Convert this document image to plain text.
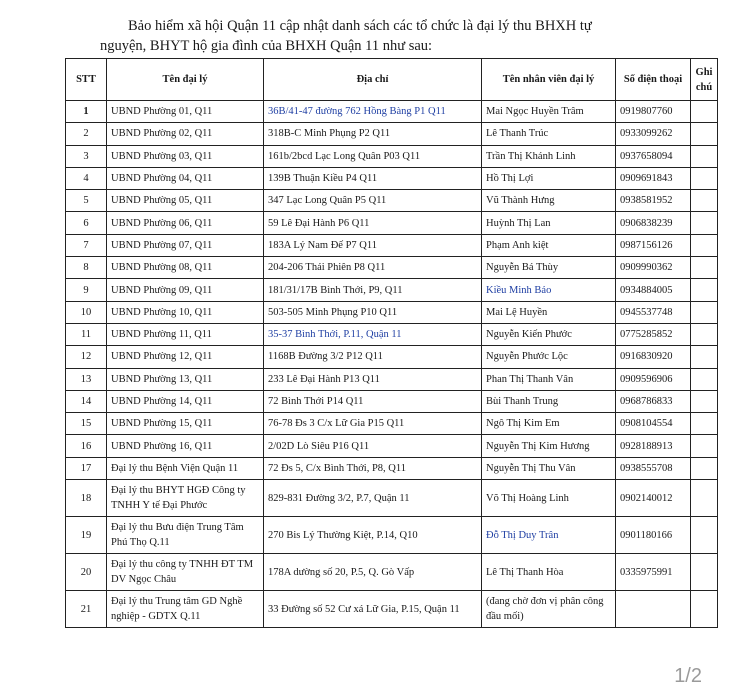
Bảo hiểm xã hội Quận 11 cập nhật danh sách các tổ chức là đại lý thu BHXH tự
nguyện, BHYT hộ gia đình của BHXH Quận 11 như sau:
STT	Tên đại lý	Địa chỉ	Tên nhân viên đại lý	Số điện thoại	Ghi chú
1	UBND Phường 01, Q11	36B/41-47 đường 762 Hồng Bàng P1 Q11	Mai Ngọc Huyền Trâm	0919807760	
2	UBND Phường 02, Q11	318B-C Minh Phụng P2 Q11	Lê Thanh Trúc	0933099262	
3	UBND Phường 03, Q11	161b/2bcd Lạc Long Quân P03 Q11	Trần Thị Khánh Linh	0937658094	
4	UBND Phường 04, Q11	139B Thuận Kiều P4 Q11	Hồ Thị Lợi	0909691843	
5	UBND Phường 05, Q11	347 Lạc Long Quân P5 Q11	Vũ Thành Hưng	0938581952	
6	UBND Phường 06, Q11	59 Lê Đại Hành P6 Q11	Huỳnh Thị Lan	0906838239	
7	UBND Phường 07, Q11	183A Lý Nam Đế P7 Q11	Phạm Anh kiệt	0987156126	
8	UBND Phường 08, Q11	204-206 Thái Phiên P8 Q11	Nguyễn Bá Thùy	0909990362	
9	UBND Phường 09, Q11	181/31/17B Bình Thới, P9, Q11	Kiều Minh Bảo	0934884005	
10	UBND Phường 10, Q11	503-505 Minh Phụng P10 Q11	Mai Lệ Huyền	0945537748	
11	UBND Phường 11, Q11	35-37 Bình Thới, P.11, Quận 11	Nguyễn Kiến Phước	0775285852	
12	UBND Phường 12, Q11	1168B Đường 3/2 P12 Q11	Nguyễn Phước Lộc	0916830920	
13	UBND Phường 13, Q11	233 Lê Đại Hành P13 Q11	Phan Thị Thanh Vân	0909596906	
14	UBND Phường 14, Q11	72 Bình Thới P14 Q11	Bùi Thanh Trung	0968786833	
15	UBND Phường 15, Q11	76-78 Đs 3 C/x Lữ Gia P15 Q11	Ngô Thị Kim Em	0908104554	
16	UBND Phường 16, Q11	2/02D Lò Siêu P16 Q11	Nguyễn Thị Kim Hương	0928188913	
17	Đại lý thu Bệnh Viện Quận 11	72 Đs 5, C/x Bình Thới, P8, Q11	Nguyễn Thị Thu Vân	0938555708	
18	Đại lý thu BHYT HGĐ Công ty TNHH Y tế Đại Phước	829-831 Đường 3/2, P.7, Quận 11	Võ Thị Hoàng Linh	0902140012	
19	Đại lý thu Bưu điện Trung Tâm Phú Thọ Q.11	270 Bis Lý Thường Kiệt, P.14, Q10	Đỗ Thị Duy Trân	0901180166	
20	Đại lý thu công ty TNHH ĐT TM DV Ngọc Châu	178A dường số 20, P.5, Q. Gò Vấp	Lê Thị Thanh Hòa	0335975991	
21	Đại lý thu Trung tâm GD Nghề nghiệp - GDTX Q.11	33 Đường số 52 Cư xá Lữ Gia, P.15, Quận 11	(đang chờ đơn vị phân công đầu mối)		
1/2
